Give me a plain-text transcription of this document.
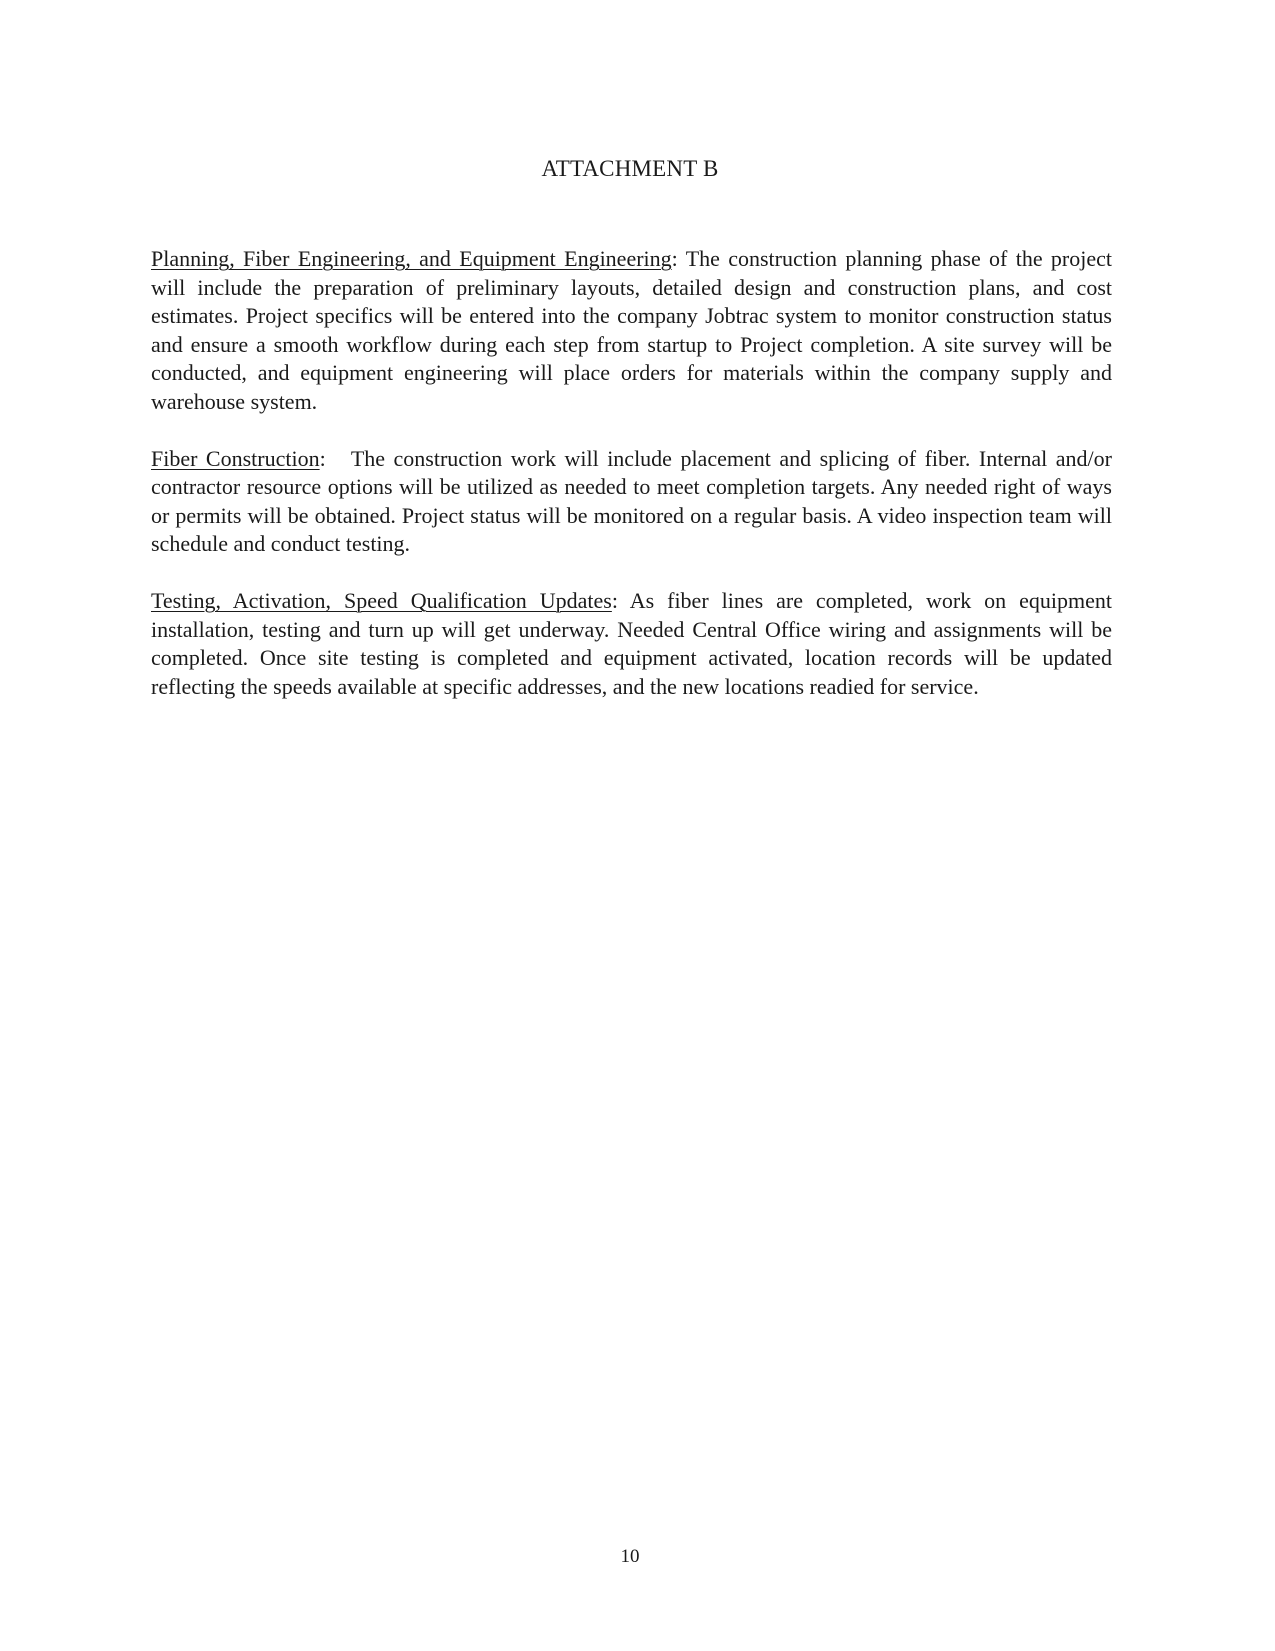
ATTACHMENT B

Planning, Fiber Engineering, and Equipment Engineering: The construction planning phase of the project will include the preparation of preliminary layouts, detailed design and construction plans, and cost estimates. Project specifics will be entered into the company Jobtrac system to monitor construction status and ensure a smooth workflow during each step from startup to Project completion. A site survey will be conducted, and equipment engineering will place orders for materials within the company supply and warehouse system.

Fiber Construction:   The construction work will include placement and splicing of fiber. Internal and/or contractor resource options will be utilized as needed to meet completion targets. Any needed right of ways or permits will be obtained. Project status will be monitored on a regular basis. A video inspection team will schedule and conduct testing.

Testing, Activation, Speed Qualification Updates: As fiber lines are completed, work on equipment installation, testing and turn up will get underway. Needed Central Office wiring and assignments will be completed. Once site testing is completed and equipment activated, location records will be updated reflecting the speeds available at specific addresses, and the new locations readied for service.

10
